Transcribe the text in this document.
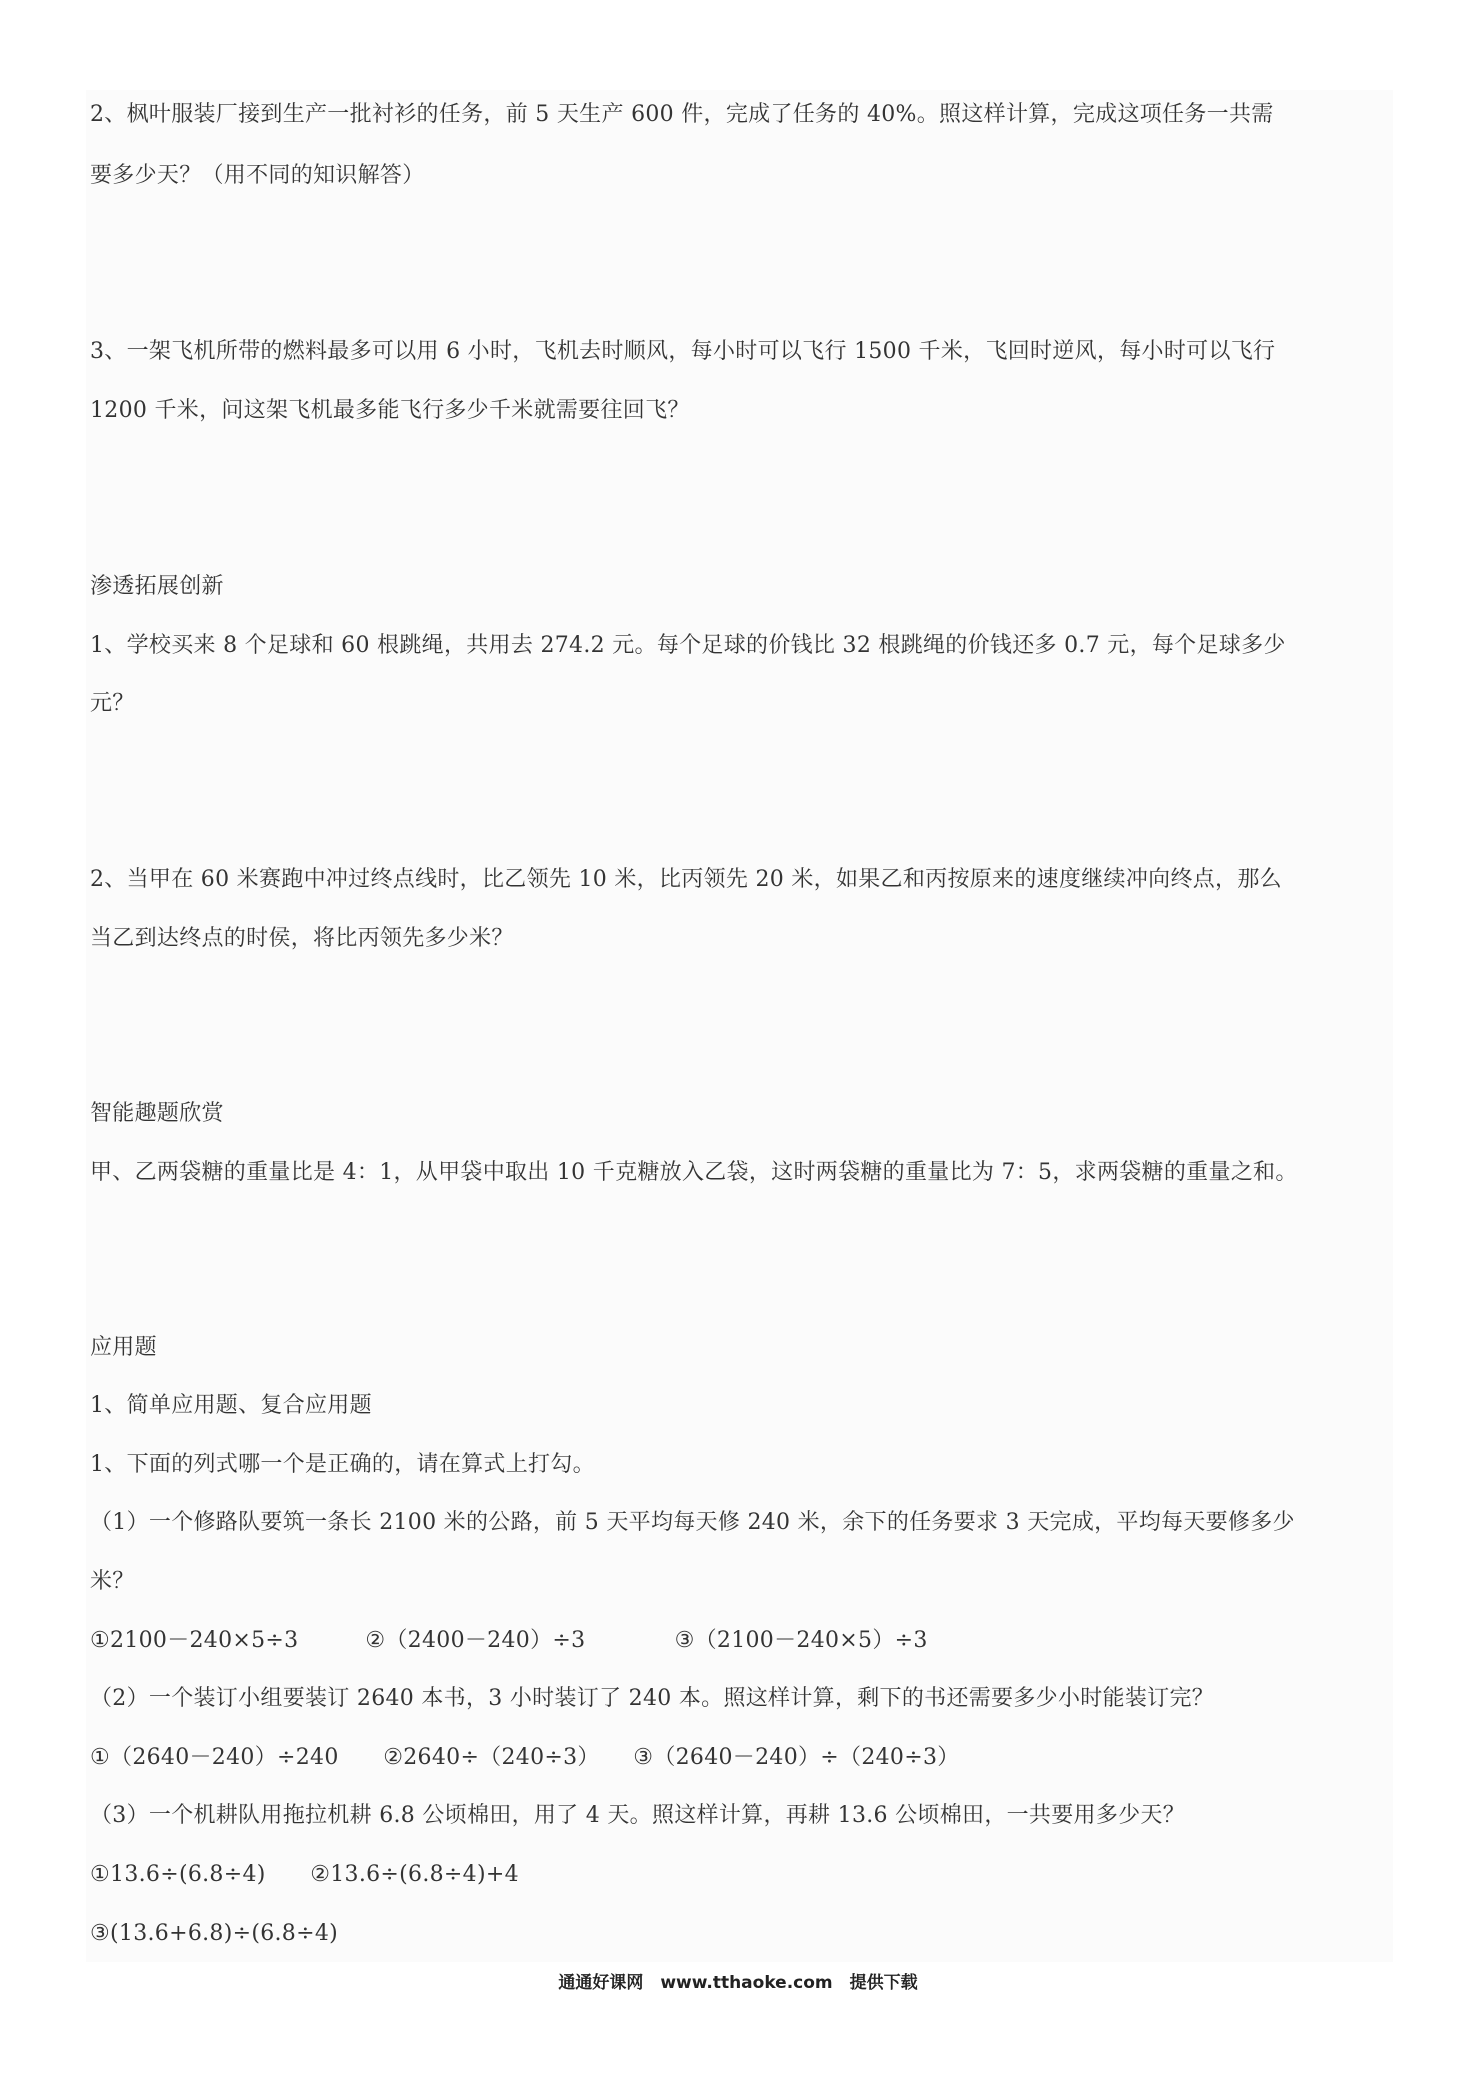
2、枫叶服装厂接到生产一批衬衫的任务，前 5 天生产 600 件，完成了任务的 40%。照这样计算，完成这项任务一共需
要多少天？（用不同的知识解答）
3、一架飞机所带的燃料最多可以用 6 小时，飞机去时顺风，每小时可以飞行 1500 千米，飞回时逆风，每小时可以飞行
1200 千米，问这架飞机最多能飞行多少千米就需要往回飞？
渗透拓展创新
1、学校买来 8 个足球和 60 根跳绳，共用去 274.2 元。每个足球的价钱比 32 根跳绳的价钱还多 0.7 元，每个足球多少
元？
2、当甲在 60 米赛跑中冲过终点线时，比乙领先 10 米，比丙领先 20 米，如果乙和丙按原来的速度继续冲向终点，那么
当乙到达终点的时侯，将比丙领先多少米？
智能趣题欣赏
甲、乙两袋糖的重量比是 4：1，从甲袋中取出 10 千克糖放入乙袋，这时两袋糖的重量比为 7：5，求两袋糖的重量之和。
应用题
1、简单应用题、复合应用题
1、下面的列式哪一个是正确的，请在算式上打勾。
（1）一个修路队要筑一条长 2100 米的公路，前 5 天平均每天修 240 米，余下的任务要求 3 天完成，平均每天要修多少
米？
①2100－240×5÷3　　　②（2400－240）÷3　　　　③（2100－240×5）÷3
（2）一个装订小组要装订 2640 本书，3 小时装订了 240 本。照这样计算，剩下的书还需要多少小时能装订完？
①（2640－240）÷240　　②2640÷（240÷3）　　③（2640－240）÷（240÷3）
（3）一个机耕队用拖拉机耕 6.8 公顷棉田，用了 4 天。照这样计算，再耕 13.6 公顷棉田，一共要用多少天？
①13.6÷(6.8÷4)　　②13.6÷(6.8÷4)+4
③(13.6+6.8)÷(6.8÷4)
通通好课网　www.tthaoke.com　提供下载
